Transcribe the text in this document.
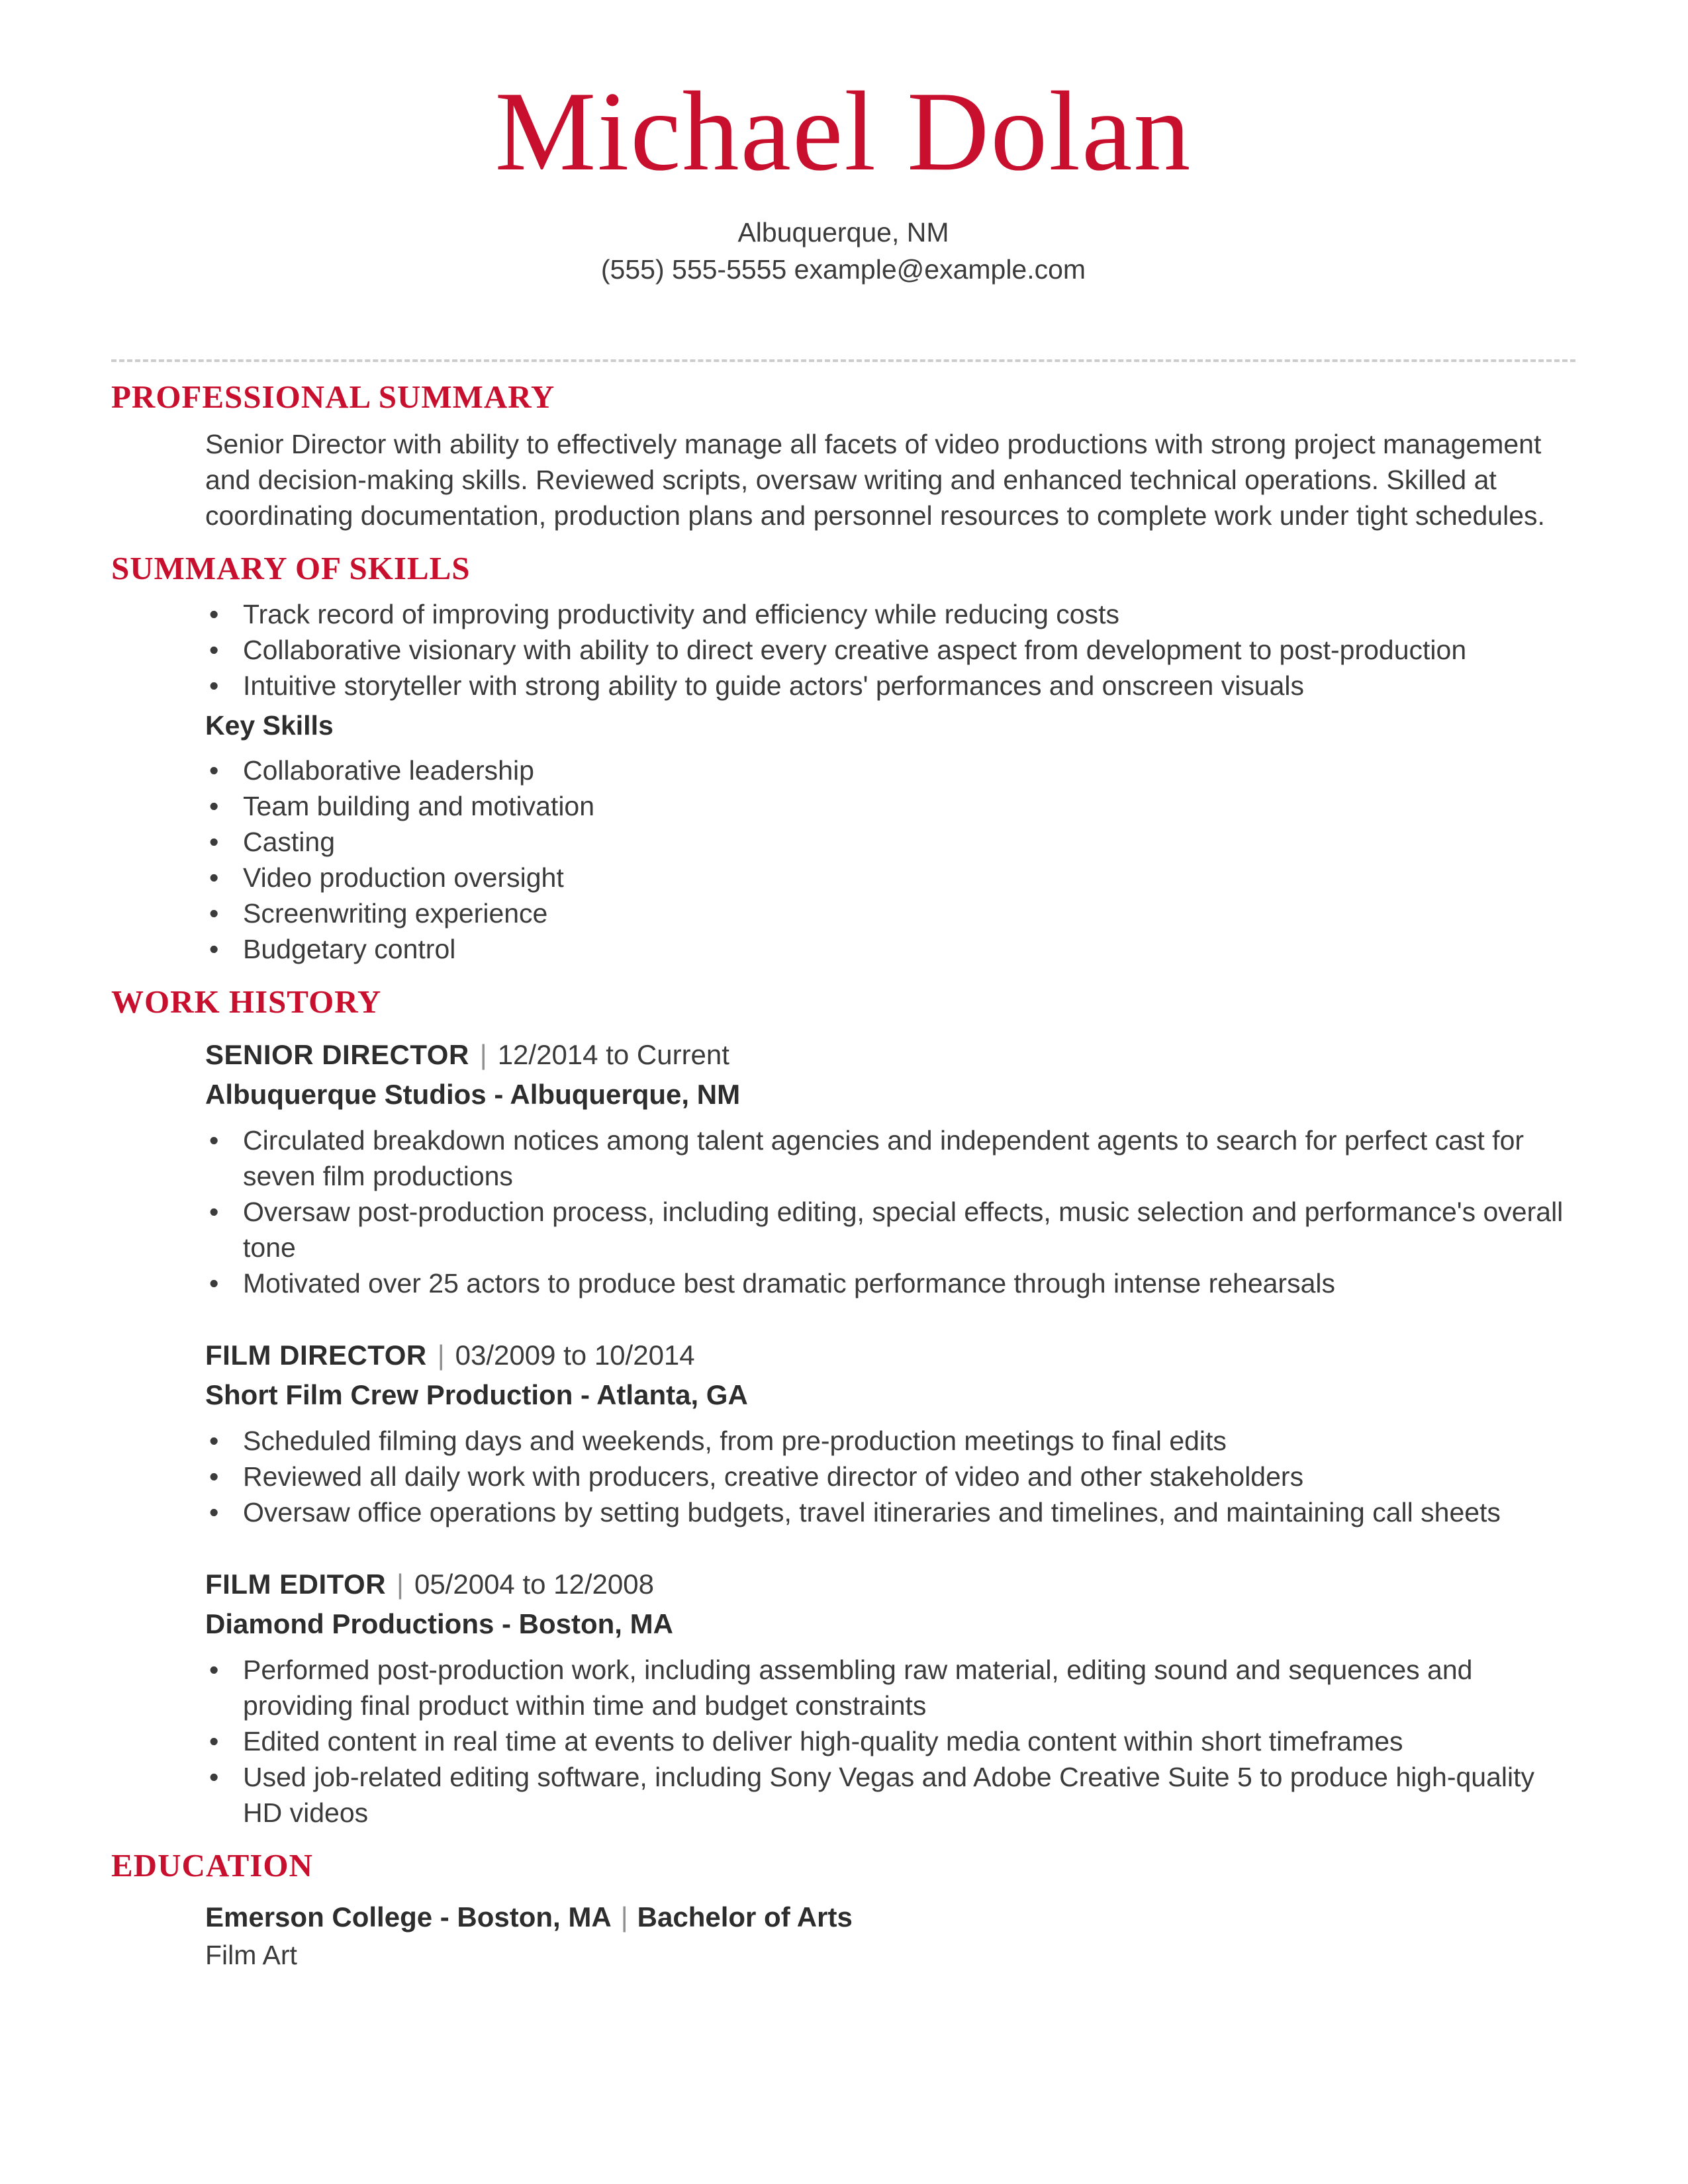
Michael Dolan
Albuquerque, NM
(555) 555-5555 example@example.com
PROFESSIONAL SUMMARY

Senior Director with ability to effectively manage all facets of video productions with strong project management and decision-making skills. Reviewed scripts, oversaw writing and enhanced technical operations. Skilled at coordinating documentation, production plans and personnel resources to complete work under tight schedules.

SUMMARY OF SKILLS
• Track record of improving productivity and efficiency while reducing costs
• Collaborative visionary with ability to direct every creative aspect from development to post-production
• Intuitive storyteller with strong ability to guide actors' performances and onscreen visuals
Key Skills
• Collaborative leadership
• Team building and motivation
• Casting
• Video production oversight
• Screenwriting experience
• Budgetary control
WORK HISTORY
SENIOR DIRECTOR | 12/2014 to Current
Albuquerque Studios - Albuquerque, NM
• Circulated breakdown notices among talent agencies and independent agents to search for perfect cast for seven film productions
• Oversaw post-production process, including editing, special effects, music selection and performance's overall tone
• Motivated over 25 actors to produce best dramatic performance through intense rehearsals
FILM DIRECTOR | 03/2009 to 10/2014
Short Film Crew Production - Atlanta, GA
• Scheduled filming days and weekends, from pre-production meetings to final edits
• Reviewed all daily work with producers, creative director of video and other stakeholders
• Oversaw office operations by setting budgets, travel itineraries and timelines, and maintaining call sheets
FILM EDITOR | 05/2004 to 12/2008
Diamond Productions - Boston, MA
• Performed post-production work, including assembling raw material, editing sound and sequences and providing final product within time and budget constraints
• Edited content in real time at events to deliver high-quality media content within short timeframes
• Used job-related editing software, including Sony Vegas and Adobe Creative Suite 5 to produce high-quality HD videos
EDUCATION
Emerson College - Boston, MA | Bachelor of Arts
Film Art
